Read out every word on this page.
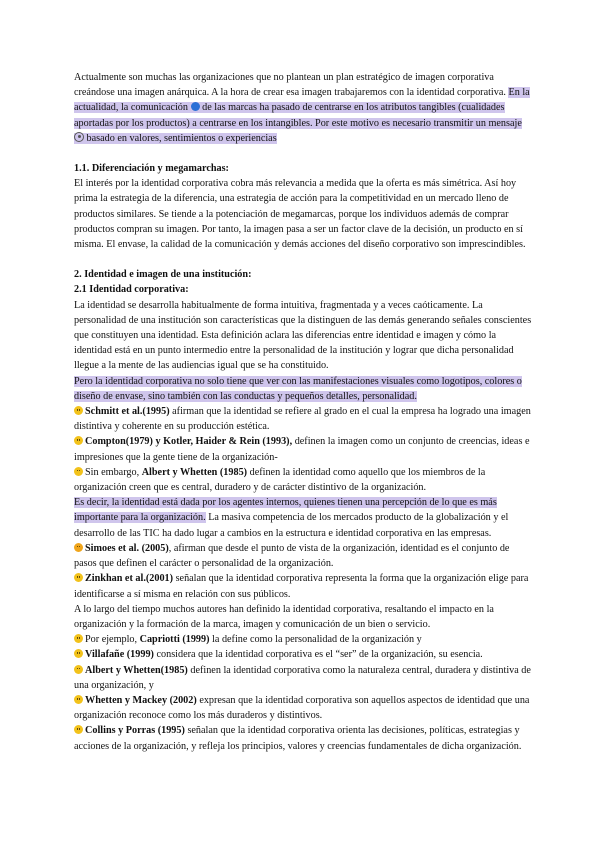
Actualmente son muchas las organizaciones que no plantean un plan estratégico de imagen corporativa creándose una imagen anárquica. A la hora de crear esa imagen trabajaremos con la identidad corporativa. En la actualidad, la comunicación  de las marcas ha pasado de centrarse en los atributos tangibles (cualidades aportadas por los productos) a centrarse en los intangibles. Por este motivo es necesario transmitir un mensaje  basado en valores, sentimientos o experiencias

1.1. Diferenciación y megamarchas:

El interés por la identidad corporativa cobra más relevancia a medida que la oferta es más simétrica. Así hoy prima la estrategia de la diferencia, una estrategia de acción para la competitividad en un mercado lleno de productos similares. Se tiende a la potenciación de megamarcas, porque los individuos además de comprar productos compran su imagen. Por tanto, la imagen pasa a ser un factor clave de la decisión, un producto en sí misma. El envase, la calidad de la comunicación y demás acciones del diseño corporativo son imprescindibles.

2. Identidad e imagen de una institución:

2.1 Identidad corporativa:

La identidad se desarrolla habitualmente de forma intuitiva, fragmentada y a veces caóticamente. La personalidad de una institución son características que la distinguen de las demás generando señales conscientes que constituyen una identidad. Esta definición aclara las diferencias entre identidad e imagen y cómo la identidad está en un punto intermedio entre la personalidad de la institución y lograr que dicha personalidad llegue a la mente de las audiencias igual que se ha constituido.

Pero la identidad corporativa no solo tiene que ver con las manifestaciones visuales como logotipos, colores o diseño de envase, sino también con las conductas y pequeños detalles, personalidad.

Schmitt et al.(1995) afirman que la identidad se refiere al grado en el cual la empresa ha logrado una imagen distintiva y coherente en su producción estética.

Compton(1979) y Kotler, Haider & Rein (1993), definen la imagen como un conjunto de creencias, ideas e impresiones que la gente tiene de la organización-

Sin embargo, Albert y Whetten (1985) definen la identidad como aquello que los miembros de la organización creen que es central, duradero y de carácter distintivo de la organización.

Es decir, la identidad está dada por los agentes internos, quienes tienen una percepción de lo que es más importante para la organización. La masiva competencia de los mercados producto de la globalización y el desarrollo de las TIC ha dado lugar a cambios en la estructura e identidad corporativa en las empresas.

Simoes et al. (2005), afirman que desde el punto de vista de la organización, identidad es el conjunto de pasos que definen el carácter o personalidad de la organización.

Zinkhan et al.(2001) señalan que la identidad corporativa representa la forma que la organización elige para identificarse a sí misma en relación con sus públicos.

A lo largo del tiempo muchos autores han definido la identidad corporativa, resaltando el impacto en la organización y la formación de la marca, imagen y comunicación de un bien o servicio.

Por ejemplo, Capriotti (1999) la define como la personalidad de la organización y

Villafañe (1999) considera que la identidad corporativa es el “ser” de la organización, su esencia.

Albert y Whetten(1985) definen la identidad corporativa como la naturaleza central, duradera y distintiva de una organización, y

Whetten y Mackey (2002) expresan que la identidad corporativa son aquellos aspectos de identidad que una organización reconoce como los más duraderos y distintivos.

Collins y Porras (1995) señalan que la identidad corporativa orienta las decisiones, políticas, estrategias y acciones de la organización, y refleja los principios, valores y creencias fundamentales de dicha organización.
